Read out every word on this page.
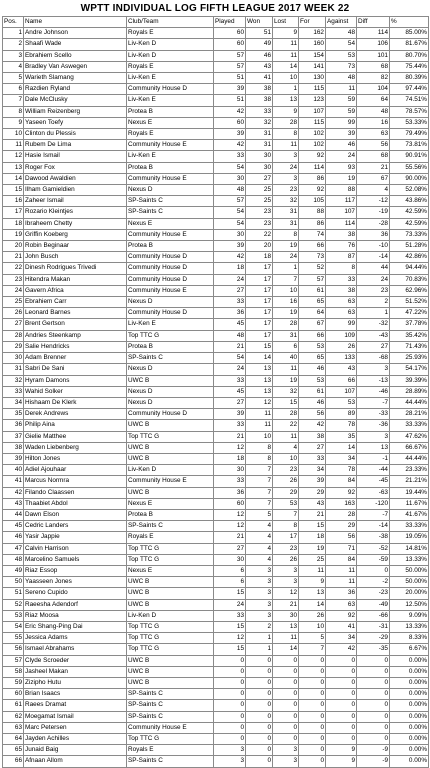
WPTT INDIVIDUAL LOG FIFTH LEAGUE 2017 WEEK 22
Pos.	Name	Club/Team	Played	Won	Lost	For	Against	Diff	%
1	Andre Johnson	Royals E	60	51	9	162	48	114	85.00%
2	Shaafi Wade	Liv-Ken D	60	49	11	160	54	106	81.67%
3	Ebrahiem Scello	Liv-Ken D	57	46	11	154	53	101	80.70%
4	Bradley Van Aswegen	Royals E	57	43	14	141	73	68	75.44%
5	Warieth Slamang	Liv-Ken E	51	41	10	130	48	82	80.39%
6	Razdien Ryland	Community House D	39	38	1	115	11	104	97.44%
7	Dale McClusky	Liv-Ken E	51	38	13	123	59	64	74.51%
8	William Reizenberg	Protea B	42	33	9	107	59	48	78.57%
9	Yaseen Toefy	Nexus E	60	32	28	115	99	16	53.33%
10	Clinton du Plessis	Royals E	39	31	8	102	39	63	79.49%
11	Rubem De Lima	Community House E	42	31	11	102	46	56	73.81%
12	Hasie Ismail	Liv-Ken E	33	30	3	92	24	68	90.91%
13	Roger Fox	Protea B	54	30	24	114	93	21	55.56%
14	Dawood Awaldien	Community House E	30	27	3	86	19	67	90.00%
15	Ilham Gamieldien	Nexus D	48	25	23	92	88	4	52.08%
16	Zaheer Ismail	SP-Saints C	57	25	32	105	117	-12	43.86%
17	Rozario Kleintjes	SP-Saints C	54	23	31	88	107	-19	42.59%
18	Ibraheem Chetty	Nexus E	54	23	31	86	114	-28	42.59%
19	Griffin Koeberg	Community House E	30	22	8	74	38	36	73.33%
20	Robin Beginaar	Protea B	39	20	19	66	76	-10	51.28%
21	John Busch	Community House D	42	18	24	73	87	-14	42.86%
22	Dinesh Rodrigues Trivedi	Community House D	18	17	1	52	8	44	94.44%
23	Hitendra Makan	Community House D	24	17	7	57	33	24	70.83%
24	Gavern Africa	Community House E	27	17	10	61	38	23	62.96%
25	Ebrahiem Carr	Nexus D	33	17	16	65	63	2	51.52%
26	Leonard Barnes	Community House D	36	17	19	64	63	1	47.22%
27	Brent Gertson	Liv-Ken E	45	17	28	67	99	-32	37.78%
28	Andries Steenkamp	Top TTC G	48	17	31	66	109	-43	35.42%
29	Salie Hendricks	Protea B	21	15	6	53	26	27	71.43%
30	Adam Brenner	SP-Saints C	54	14	40	65	133	-68	25.93%
31	Sabri De Sani	Nexus D	24	13	11	46	43	3	54.17%
32	Hyram Damons	UWC B	33	13	19	53	66	-13	39.39%
33	Wahid Solker	Nexus D	45	13	32	61	107	-46	28.89%
34	Hishaam De Klerk	Nexus D	27	12	15	46	53	-7	44.44%
35	Derek Andrews	Community House D	39	11	28	56	89	-33	28.21%
36	Philip Aina	UWC B	33	11	22	42	78	-36	33.33%
37	Gielie Matthee	Top TTC G	21	10	11	38	35	3	47.62%
38	Waden Liebenberg	UWC B	12	8	4	27	14	13	66.67%
39	Hilton Jones	UWC B	18	8	10	33	34	-1	44.44%
40	Adiel Ajouhaar	Liv-Ken D	30	7	23	34	78	-44	23.33%
41	Marcus Normra	Community House E	33	7	26	39	84	-45	21.21%
42	Filando Claassen	UWC B	36	7	29	29	92	-63	19.44%
43	Thaabiet Abdol	Nexus E	60	7	53	43	163	-120	11.67%
44	Dawn Elson	Protea B	12	5	7	21	28	-7	41.67%
45	Cedric Landers	SP-Saints C	12	4	8	15	29	-14	33.33%
46	Yasir Jappie	Royals E	21	4	17	18	56	-38	19.05%
47	Calvin Harrison	Top TTC G	27	4	23	19	71	-52	14.81%
48	Marcelino Samuels	Top TTC G	30	4	26	25	84	-59	13.33%
49	Riaz Essop	Nexus E	6	3	3	11	11	0	50.00%
50	Yaasseen Jones	UWC B	6	3	3	9	11	-2	50.00%
51	Sereno Cupido	UWC B	15	3	12	13	36	-23	20.00%
52	Raeesha Adendorf	UWC B	24	3	21	14	63	-49	12.50%
53	Riaz Moosa	Liv-Ken D	33	3	30	26	92	-66	9.09%
54	Eric Shang-Ping Dai	Top TTC G	15	2	13	10	41	-31	13.33%
55	Jessica Adams	Top TTC G	12	1	11	5	34	-29	8.33%
56	Ismael Abrahams	Top TTC G	15	1	14	7	42	-35	6.67%
57	Clyde Scroeder	UWC B	0	0	0	0	0	0	0.00%
58	Jasheel Makan	UWC B	0	0	0	0	0	0	0.00%
59	Zizipho Hutu	UWC B	0	0	0	0	0	0	0.00%
60	Brian Isaacs	SP-Saints C	0	0	0	0	0	0	0.00%
61	Raees Dramat	SP-Saints C	0	0	0	0	0	0	0.00%
62	Moegamat Ismail	SP-Saints C	0	0	0	0	0	0	0.00%
63	Marc Petersen	Community House E	0	0	0	0	0	0	0.00%
64	Jayden Achilles	Top TTC G	0	0	0	0	0	0	0.00%
65	Junaid Baig	Royals E	3	0	3	0	9	-9	0.00%
66	Afnaan Allom	SP-Saints C	3	0	3	0	9	-9	0.00%
